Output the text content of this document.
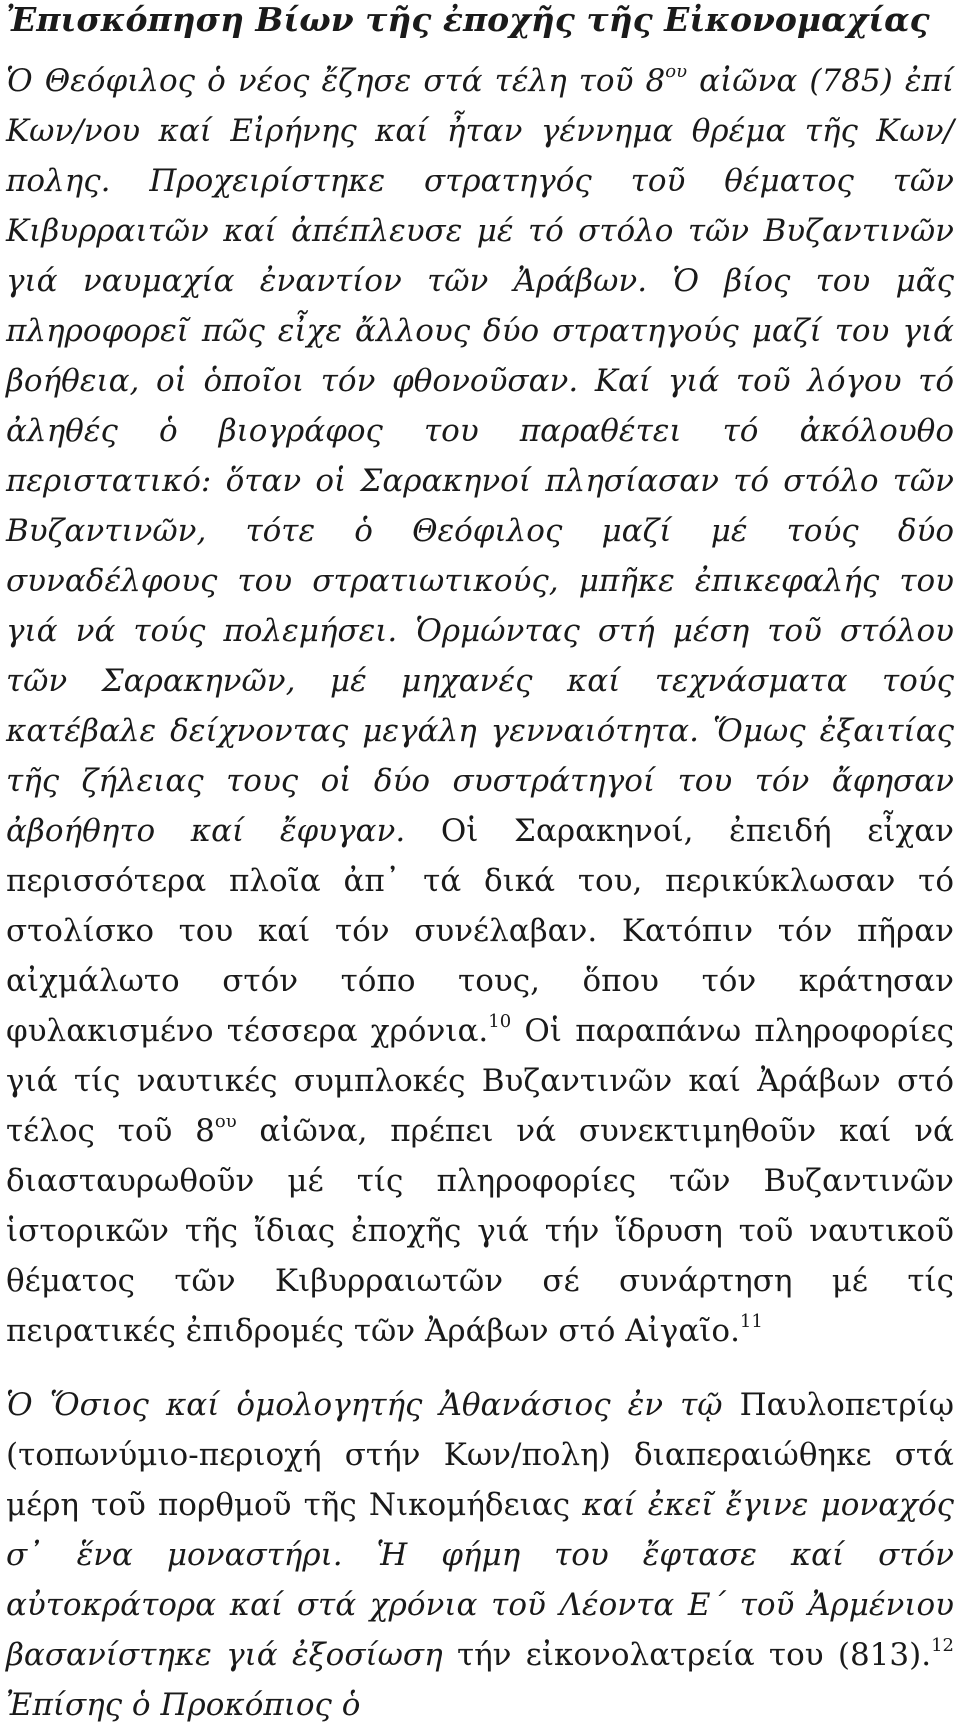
Ἐπισκόπηση Βίων τῆς ἐποχῆς τῆς Εἰκονομαχίας

Ὁ Θεόφιλος ὁ νέος ἔζησε στά τέλη τοῦ $8^{o\upsilon}$ αἰῶνα (785) ἐπί Κων/νου καί Εἰρήνης καί ἦταν γέννημα θρέμα τῆς Κων/πολης. Προχειρίστηκε στρατηγός τοῦ θέματος τῶν Κιβυρραιτῶν καί ἀπέπλευσε μέ τό στόλο τῶν Βυζαντινῶν γιά ναυμαχία ἐναντίον τῶν Ἀράβων. Ὁ βίος του μᾶς πληροφορεῖ πῶς εἶχε ἄλλους δύο στρατηγούς μαζί του γιά βοήθεια, οἱ ὁποῖοι τόν φθονοῦσαν. Καί γιά τοῦ λόγου τό ἀληθές ὁ βιογράφος του παραθέτει τό ἀκόλουθο περιστατικό: ὅταν οἱ Σαρακηνοί πλησίασαν τό στόλο τῶν Βυζαντινῶν, τότε ὁ Θεόφιλος μαζί μέ τούς δύο συναδέλφους του στρατιωτικούς, μπῆκε ἐπικεφαλής του γιά νά τούς πολεμήσει. Ὁρμώντας στή μέση τοῦ στόλου τῶν Σαρακηνῶν, μέ μηχανές καί τεχνάσματα τούς κατέβαλε δείχνοντας μεγάλη γενναιότητα. Ὅμως ἐξαιτίας τῆς ζήλειας τους οἱ δύο συστράτηγοί του τόν ἄφησαν ἀβοήθητο καί ἔφυγαν. Οἱ Σαρακηνοί, ἐπειδή εἶχαν περισσότερα πλοῖα ἀπ᾽ τά δικά του, περικύκλωσαν τό στολίσκο του καί τόν συνέλαβαν. Κατόπιν τόν πῆραν αἰχμάλωτο στόν τόπο τους, ὅπου τόν κράτησαν φυλακισμένο τέσσερα χρόνια.$^{10}$ Οἱ παραπάνω πληροφορίες γιά τίς ναυτικές συμπλοκές Βυζαντινῶν καί Ἀράβων στό τέλος τοῦ $8^{o\upsilon}$ αἰῶνα, πρέπει νά συνεκτιμηθοῦν καί νά διασταυρωθοῦν μέ τίς πληροφορίες τῶν Βυζαντινῶν ἱστορικῶν τῆς ἴδιας ἐποχῆς γιά τήν ἵδρυση τοῦ ναυτικοῦ θέματος τῶν Κιβυρραιωτῶν σέ συνάρτηση μέ τίς πειρατικές ἐπιδρομές τῶν Ἀράβων στό Αἰγαῖο.$^{11}$

Ὁ Ὅσιος καί ὁμολογητής Ἀθανάσιος ἐν τῷ Παυλοπετρίῳ (τοπωνύμιο-περιοχή στήν Κων/πολη) διαπεραιώθηκε στά μέρη τοῦ πορθμοῦ τῆς Νικομήδειας καί ἐκεῖ ἔγινε μοναχός σ᾽ ἕνα μοναστήρι. Ἡ φήμη του ἔφτασε καί στόν αὐτοκράτορα καί στά χρόνια τοῦ Λέοντα Ε΄ τοῦ Ἀρμένιου βασανίστηκε γιά ἐξοσίωση τήν εἰκονολατρεία του (813).$^{12}$ Ἐπίσης ὁ Προκόπιος ὁ
